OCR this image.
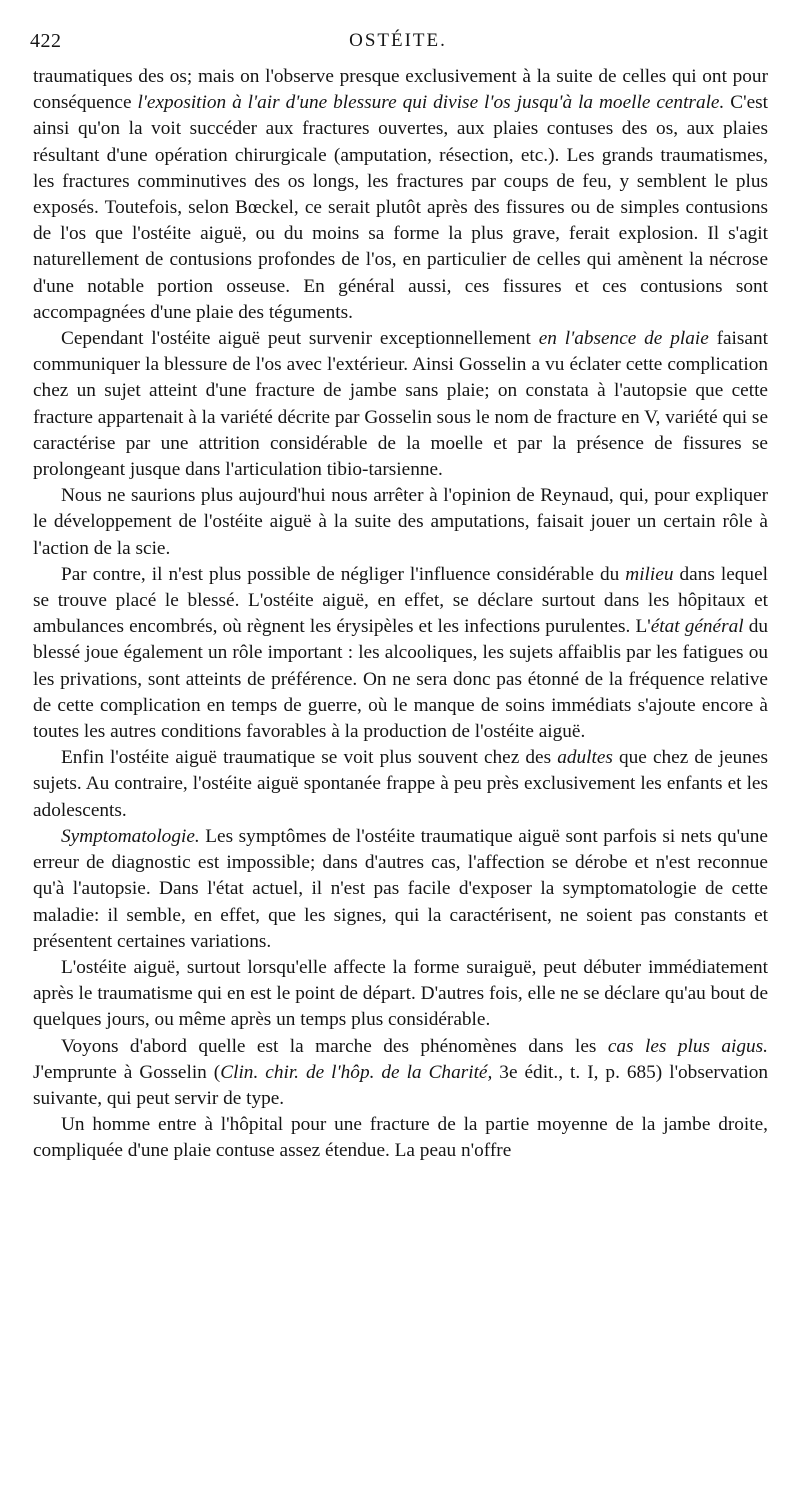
422	OSTÉITE.

traumatiques des os; mais on l'observe presque exclusivement à la suite de celles qui ont pour conséquence l'exposition à l'air d'une blessure qui divise l'os jusqu'à la moelle centrale. C'est ainsi qu'on la voit succéder aux fractures ouvertes, aux plaies contuses des os, aux plaies résultant d'une opération chirurgicale (amputation, résection, etc.). Les grands traumatismes, les fractures comminutives des os longs, les fractures par coups de feu, y semblent le plus exposés. Toutefois, selon Bœckel, ce serait plutôt après des fissures ou de simples contusions de l'os que l'ostéite aiguë, ou du moins sa forme la plus grave, ferait explosion. Il s'agit naturellement de contusions profondes de l'os, en particulier de celles qui amènent la nécrose d'une notable portion osseuse. En général aussi, ces fissures et ces contusions sont accompagnées d'une plaie des téguments.

Cependant l'ostéite aiguë peut survenir exceptionnellement en l'absence de plaie faisant communiquer la blessure de l'os avec l'extérieur. Ainsi Gosselin a vu éclater cette complication chez un sujet atteint d'une fracture de jambe sans plaie; on constata à l'autopsie que cette fracture appartenait à la variété décrite par Gosselin sous le nom de fracture en V, variété qui se caractérise par une attrition considérable de la moelle et par la présence de fissures se prolongeant jusque dans l'articulation tibio-tarsienne.

Nous ne saurions plus aujourd'hui nous arrêter à l'opinion de Reynaud, qui, pour expliquer le développement de l'ostéite aiguë à la suite des amputations, faisait jouer un certain rôle à l'action de la scie.

Par contre, il n'est plus possible de négliger l'influence considérable du milieu dans lequel se trouve placé le blessé. L'ostéite aiguë, en effet, se déclare surtout dans les hôpitaux et ambulances encombrés, où règnent les érysipèles et les infections purulentes. L'état général du blessé joue également un rôle important : les alcooliques, les sujets affaiblis par les fatigues ou les privations, sont atteints de préférence. On ne sera donc pas étonné de la fréquence relative de cette complication en temps de guerre, où le manque de soins immédiats s'ajoute encore à toutes les autres conditions favorables à la production de l'ostéite aiguë.

Enfin l'ostéite aiguë traumatique se voit plus souvent chez des adultes que chez de jeunes sujets. Au contraire, l'ostéite aiguë spontanée frappe à peu près exclusivement les enfants et les adolescents.

Symptomatologie. Les symptômes de l'ostéite traumatique aiguë sont parfois si nets qu'une erreur de diagnostic est impossible; dans d'autres cas, l'affection se dérobe et n'est reconnue qu'à l'autopsie. Dans l'état actuel, il n'est pas facile d'exposer la symptomatologie de cette maladie: il semble, en effet, que les signes, qui la caractérisent, ne soient pas constants et présentent certaines variations.

L'ostéite aiguë, surtout lorsqu'elle affecte la forme suraiguë, peut débuter immédiatement après le traumatisme qui en est le point de départ. D'autres fois, elle ne se déclare qu'au bout de quelques jours, ou même après un temps plus considérable.

Voyons d'abord quelle est la marche des phénomènes dans les cas les plus aigus. J'emprunte à Gosselin (Clin. chir. de l'hôp. de la Charité, 3e édit., t. I, p. 685) l'observation suivante, qui peut servir de type.

Un homme entre à l'hôpital pour une fracture de la partie moyenne de la jambe droite, compliquée d'une plaie contuse assez étendue. La peau n'offre
